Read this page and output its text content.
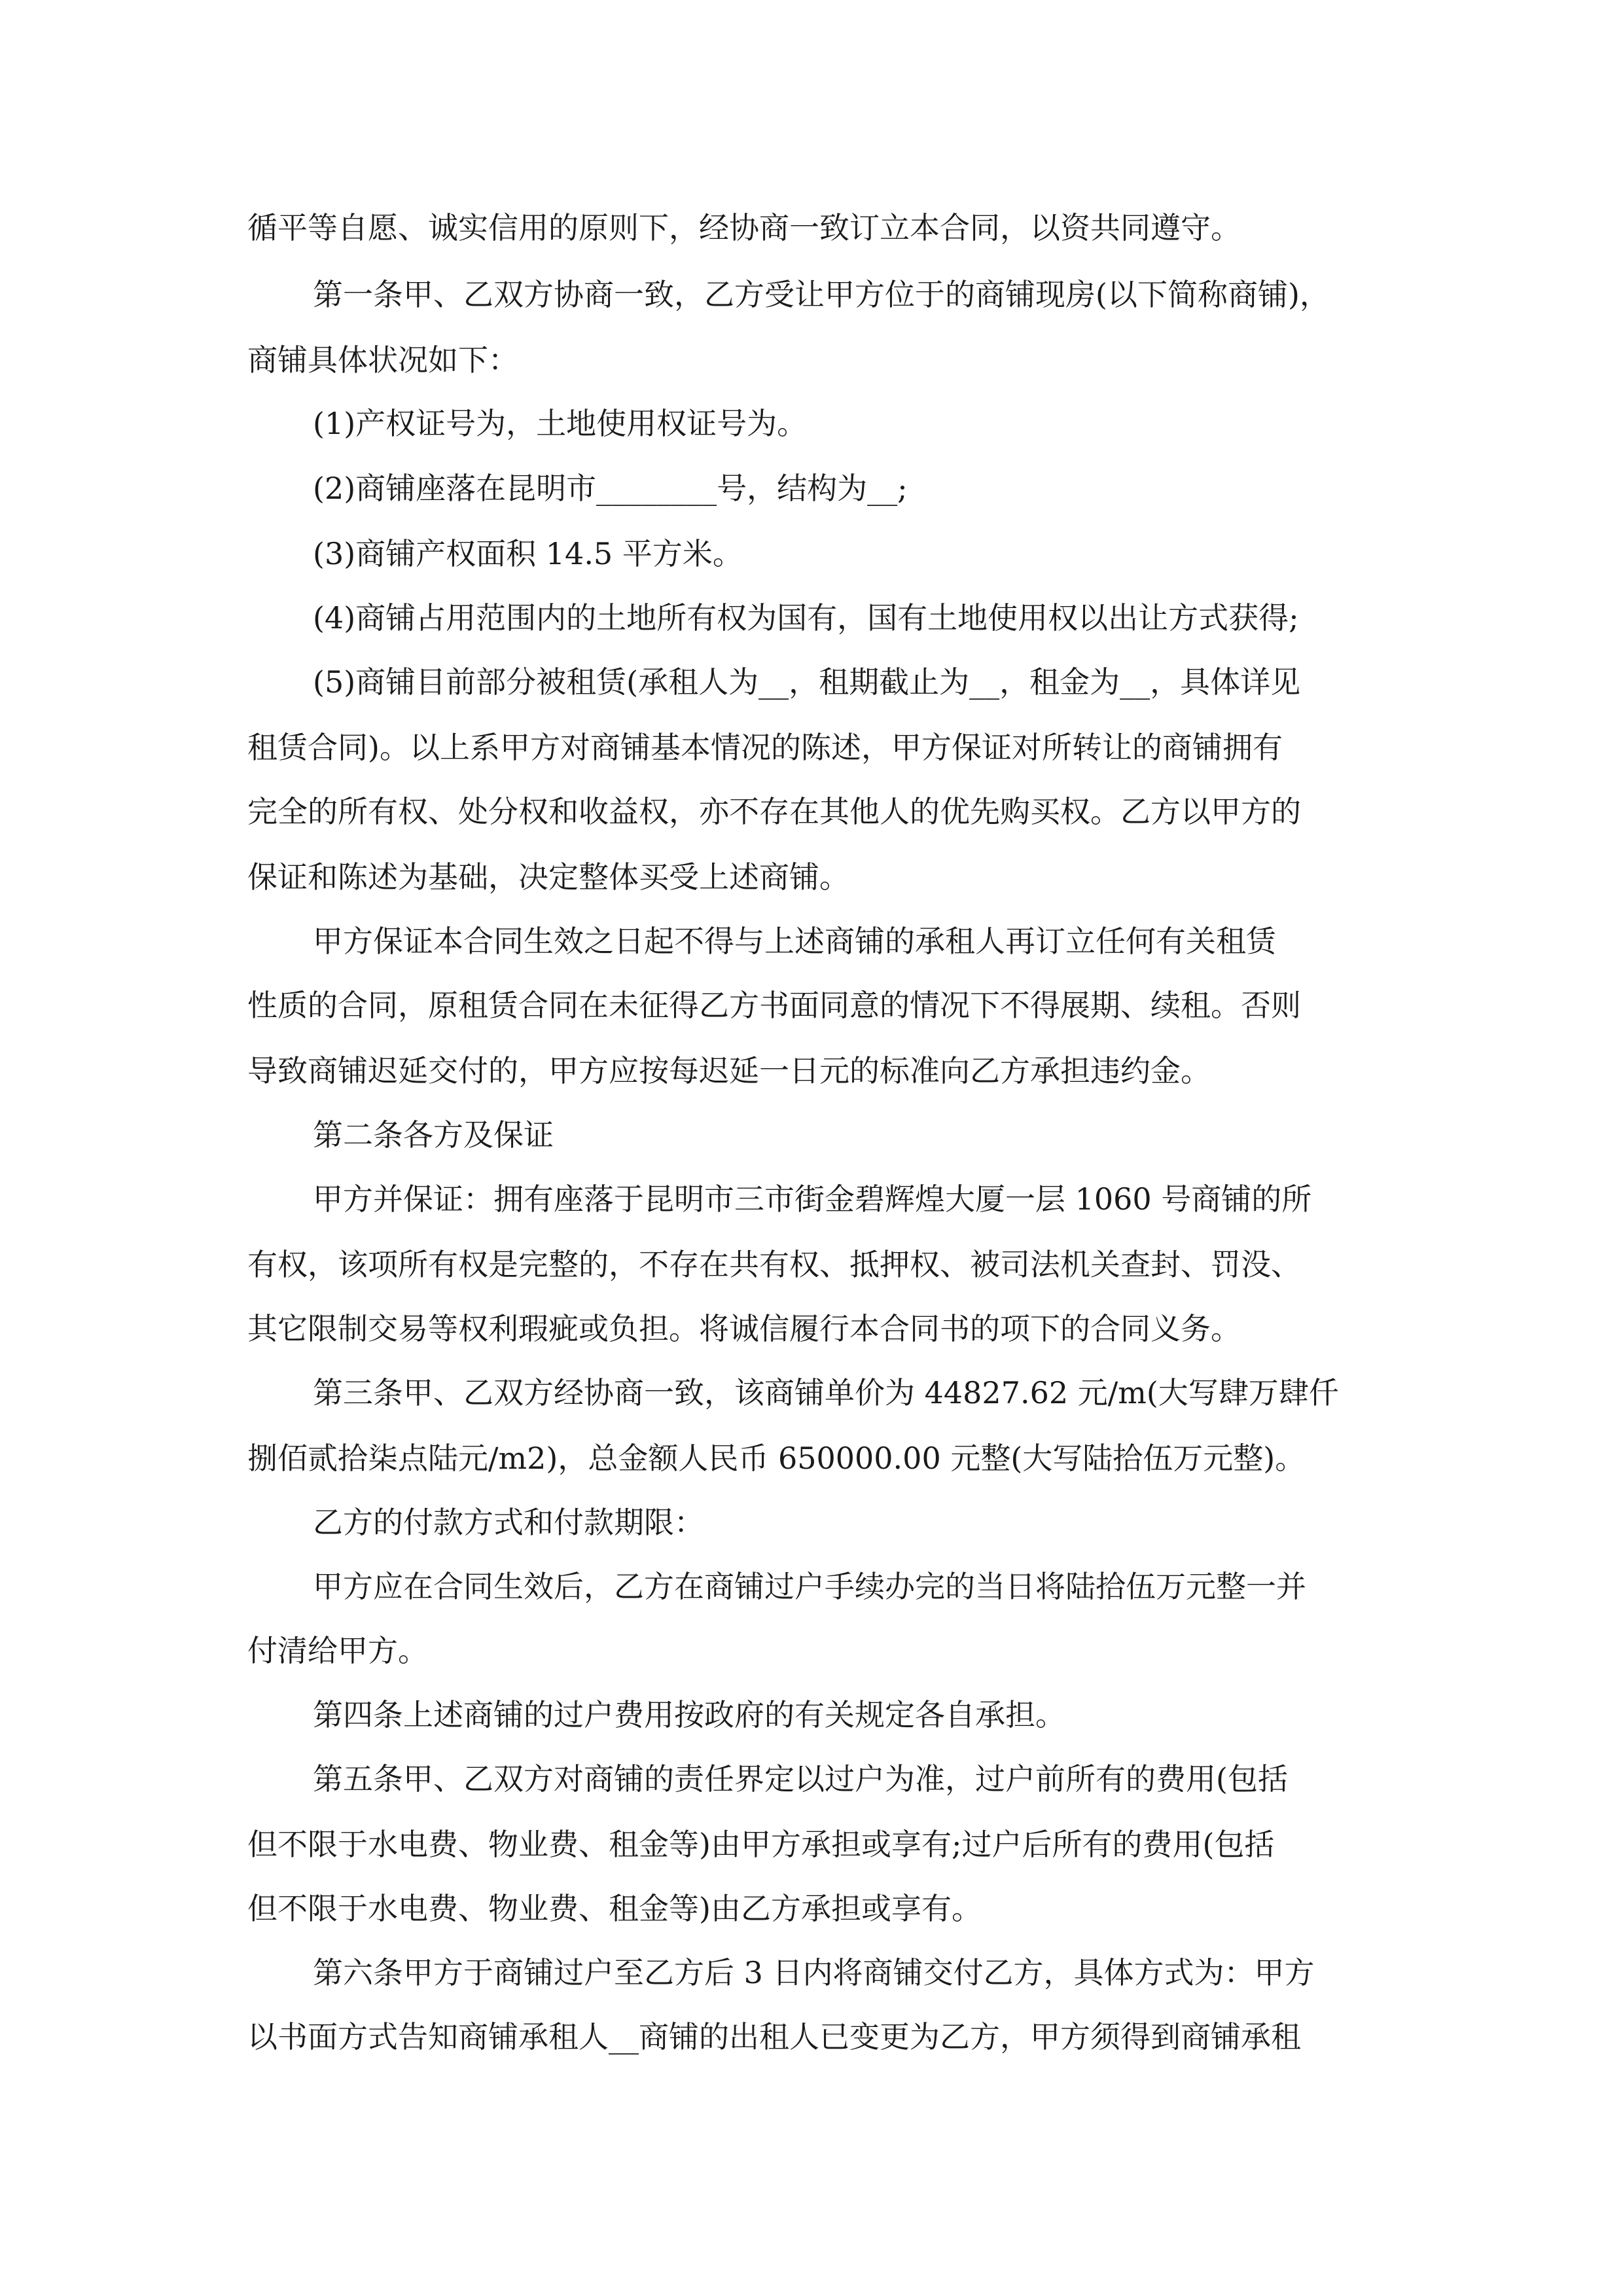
循平等自愿、诚实信用的原则下，经协商一致订立本合同，以资共同遵守。
第一条甲、乙双方协商一致，乙方受让甲方位于的商铺现房(以下简称商铺)，
商铺具体状况如下：
(1)产权证号为，土地使用权证号为。
(2)商铺座落在昆明市________号，结构为__;
(3)商铺产权面积 14.5 平方米。
(4)商铺占用范围内的土地所有权为国有，国有土地使用权以出让方式获得;
(5)商铺目前部分被租赁(承租人为__，租期截止为__，租金为__，具体详见
租赁合同)。以上系甲方对商铺基本情况的陈述，甲方保证对所转让的商铺拥有
完全的所有权、处分权和收益权，亦不存在其他人的优先购买权。乙方以甲方的
保证和陈述为基础，决定整体买受上述商铺。
甲方保证本合同生效之日起不得与上述商铺的承租人再订立任何有关租赁
性质的合同，原租赁合同在未征得乙方书面同意的情况下不得展期、续租。否则
导致商铺迟延交付的，甲方应按每迟延一日元的标准向乙方承担违约金。
第二条各方及保证
甲方并保证：拥有座落于昆明市三市街金碧辉煌大厦一层 1060 号商铺的所
有权，该项所有权是完整的，不存在共有权、抵押权、被司法机关查封、罚没、
其它限制交易等权利瑕疵或负担。将诚信履行本合同书的项下的合同义务。
第三条甲、乙双方经协商一致，该商铺单价为 44827.62 元/m(大写肆万肆仟
捌佰贰拾柒点陆元/m2)，总金额人民币 650000.00 元整(大写陆拾伍万元整)。
乙方的付款方式和付款期限：
甲方应在合同生效后，乙方在商铺过户手续办完的当日将陆拾伍万元整一并
付清给甲方。
第四条上述商铺的过户费用按政府的有关规定各自承担。
第五条甲、乙双方对商铺的责任界定以过户为准，过户前所有的费用(包括
但不限于水电费、物业费、租金等)由甲方承担或享有;过户后所有的费用(包括
但不限于水电费、物业费、租金等)由乙方承担或享有。
第六条甲方于商铺过户至乙方后 3 日内将商铺交付乙方，具体方式为：甲方
以书面方式告知商铺承租人__商铺的出租人已变更为乙方，甲方须得到商铺承租
